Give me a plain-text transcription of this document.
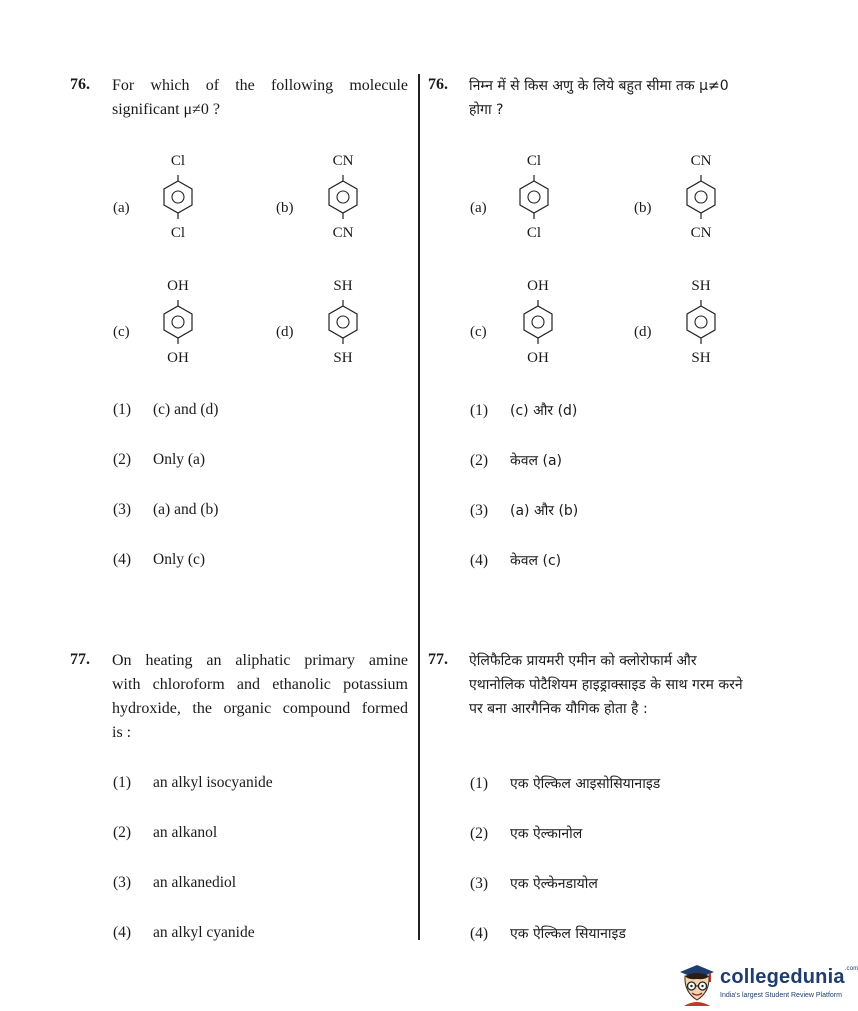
76. For which of the following molecule
significant μ≠0 ?
(a)
Cl
Cl
(b)
CN
CN
(c)
OH
OH
(d)
SH
SH
(1) (c) and (d)
(2) Only (a)
(3) (a) and (b)
(4) Only (c)
76. निम्न में से किस अणु के लिये बहुत सीमा तक μ≠0
होगा ?
(a)
Cl
Cl
(b)
CN
CN
(c)
OH
OH
(d)
SH
SH
(1) (c) और (d)
(2) केवल (a)
(3) (a) और (b)
(4) केवल (c)
77. On heating an aliphatic primary amine
with chloroform and ethanolic potassium
hydroxide, the organic compound formed
is :
(1) an alkyl isocyanide
(2) an alkanol
(3) an alkanediol
(4) an alkyl cyanide
77. ऐलिफैटिक प्रायमरी एमीन को क्लोरोफार्म और
एथानोलिक पोटैशियम हाइड्राक्साइड के साथ गरम करने
पर बना आरगैनिक यौगिक होता है :
(1) एक ऐल्किल आइसोसियानाइड
(2) एक ऐल्कानोल
(3) एक ऐल्केनडायोल
(4) एक ऐल्किल सियानाइड
collegedunia$^{.com}$
India's largest Student Review Platform
